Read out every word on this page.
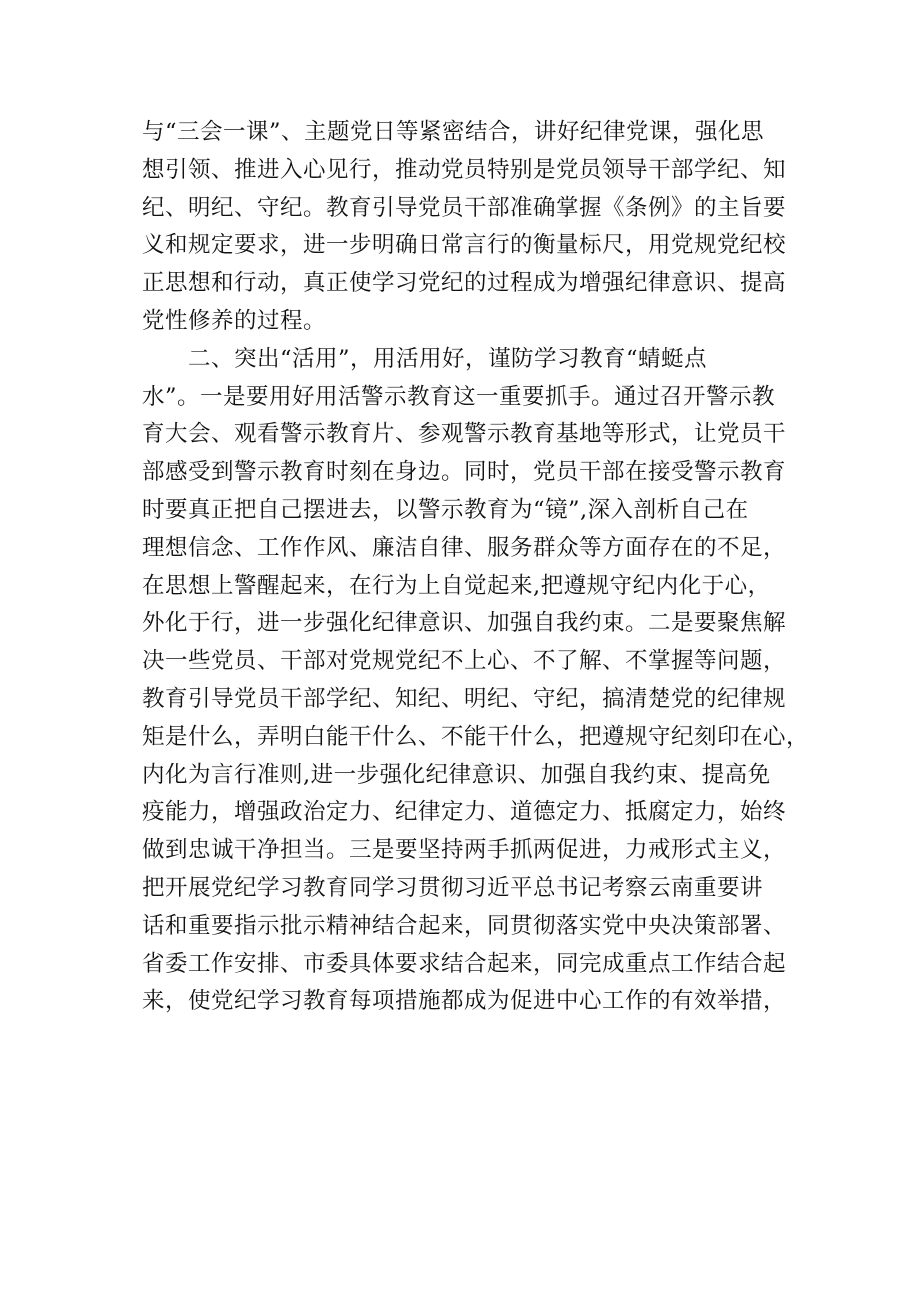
与“三会一课”、主题党日等紧密结合，讲好纪律党课，强化思
想引领、推进入心见行，推动党员特别是党员领导干部学纪、知
纪、明纪、守纪。教育引导党员干部准确掌握《条例》的主旨要
义和规定要求，进一步明确日常言行的衡量标尺，用党规党纪校
正思想和行动，真正使学习党纪的过程成为增强纪律意识、提高
党性修养的过程。
二、突出“活用”，用活用好，谨防学习教育“蜻蜓点
水”。一是要用好用活警示教育这一重要抓手。通过召开警示教
育大会、观看警示教育片、参观警示教育基地等形式，让党员干
部感受到警示教育时刻在身边。同时，党员干部在接受警示教育
时要真正把自己摆进去，以警示教育为“镜”,深入剖析自己在
理想信念、工作作风、廉洁自律、服务群众等方面存在的不足，
在思想上警醒起来，在行为上自觉起来,把遵规守纪内化于心，
外化于行，进一步强化纪律意识、加强自我约束。二是要聚焦解
决一些党员、干部对党规党纪不上心、不了解、不掌握等问题，
教育引导党员干部学纪、知纪、明纪、守纪，搞清楚党的纪律规
矩是什么，弄明白能干什么、不能干什么，把遵规守纪刻印在心，
内化为言行准则,进一步强化纪律意识、加强自我约束、提高免
疫能力，增强政治定力、纪律定力、道德定力、抵腐定力，始终
做到忠诚干净担当。三是要坚持两手抓两促进，力戒形式主义，
把开展党纪学习教育同学习贯彻习近平总书记考察云南重要讲
话和重要指示批示精神结合起来，同贯彻落实党中央决策部署、
省委工作安排、市委具体要求结合起来，同完成重点工作结合起
来，使党纪学习教育每项措施都成为促进中心工作的有效举措，
